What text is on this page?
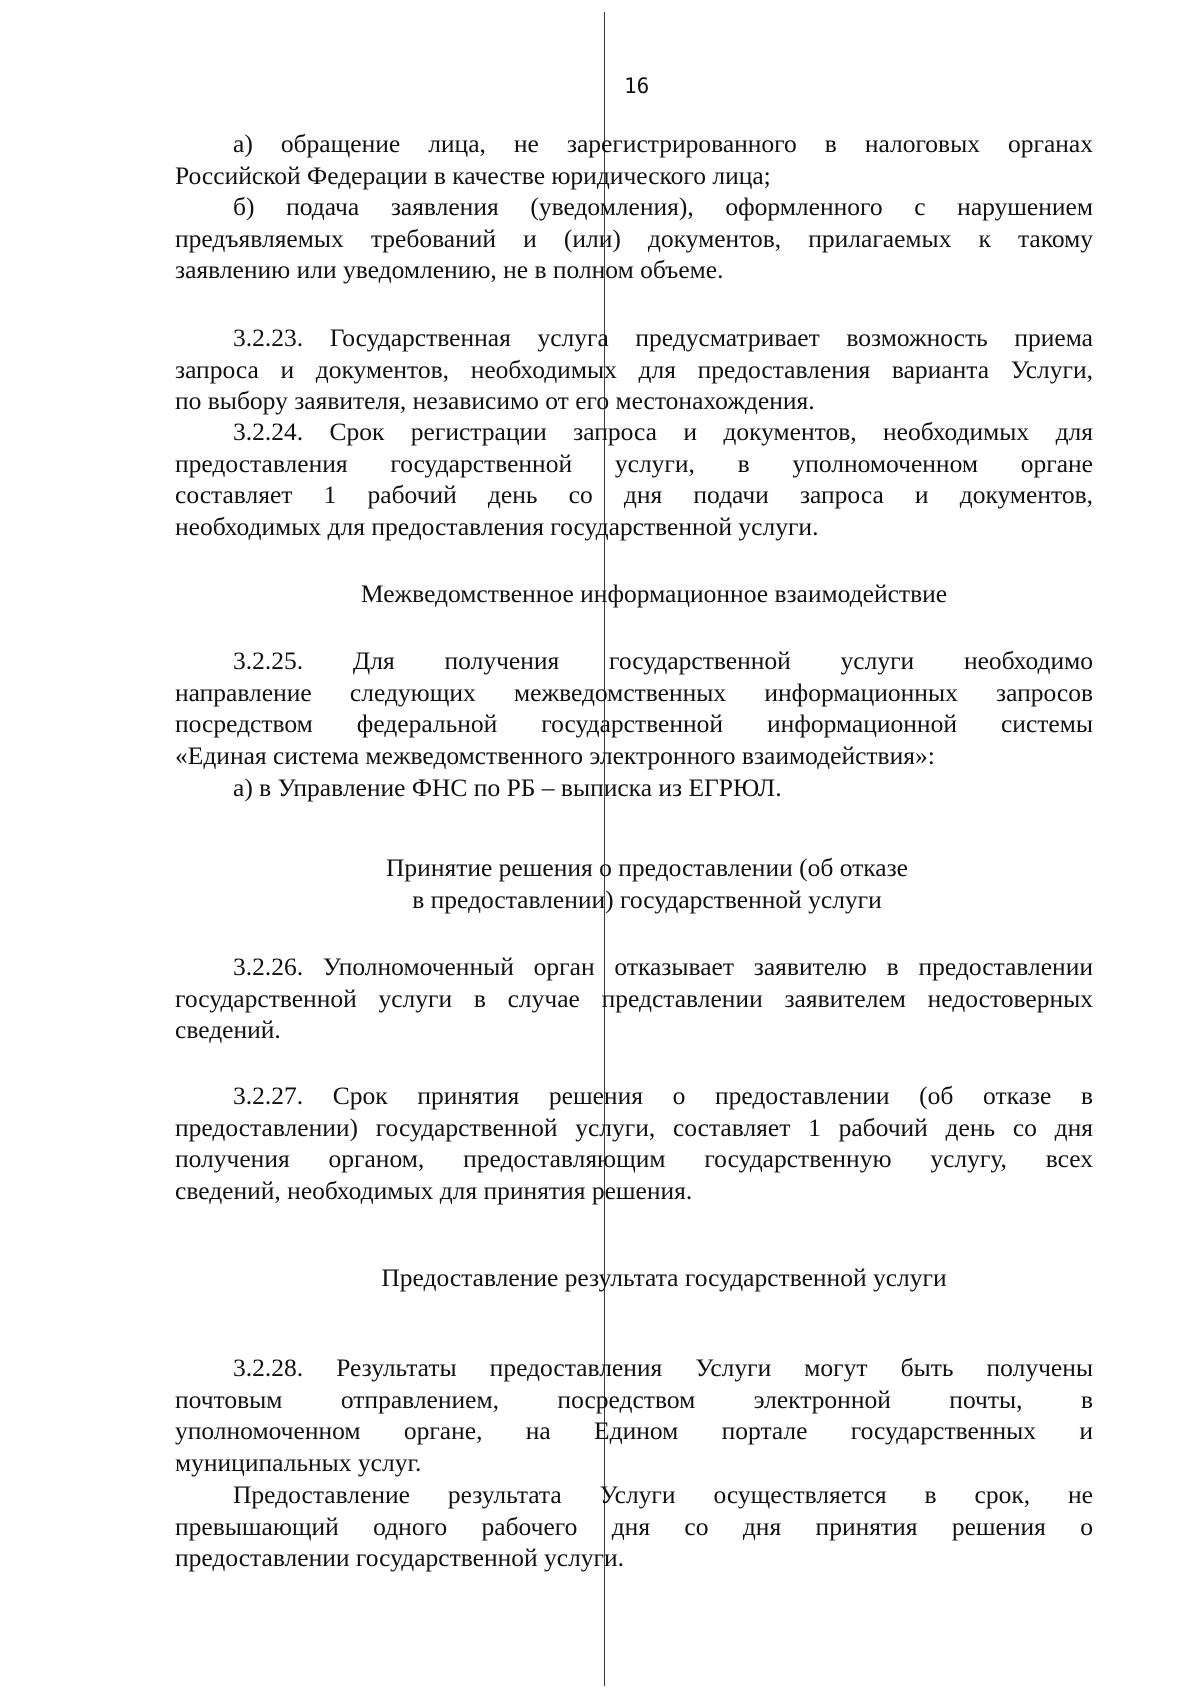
16
а) обращение лица, не зарегистрированного в налоговых органах
Российской Федерации в качестве юридического лица;
б) подача заявления (уведомления), оформленного с нарушением
предъявляемых требований и (или) документов, прилагаемых к такому
заявлению или уведомлению, не в полном объеме.
3.2.23. Государственная услуга предусматривает возможность приема
запроса и документов, необходимых для предоставления варианта Услуги,
по выбору заявителя, независимо от его местонахождения.
3.2.24. Срок регистрации запроса и документов, необходимых для
предоставления государственной услуги, в уполномоченном органе
составляет 1 рабочий день со дня подачи запроса и документов,
необходимых для предоставления государственной услуги.
Межведомственное информационное взаимодействие
3.2.25. Для получения государственной услуги необходимо
направление следующих межведомственных информационных запросов
посредством федеральной государственной информационной системы
«Единая система межведомственного электронного взаимодействия»:
а) в Управление ФНС по РБ – выписка из ЕГРЮЛ.
Принятие решения о предоставлении (об отказе
в предоставлении) государственной услуги
3.2.26. Уполномоченный орган отказывает заявителю в предоставлении
государственной услуги в случае представлении заявителем недостоверных
сведений.
3.2.27. Срок принятия решения о предоставлении (об отказе в
предоставлении) государственной услуги, составляет 1 рабочий день со дня
получения органом, предоставляющим государственную услугу, всех
сведений, необходимых для принятия решения.
Предоставление результата государственной услуги
3.2.28. Результаты предоставления Услуги могут быть получены
почтовым отправлением, посредством электронной почты, в
уполномоченном органе, на Едином портале государственных и
муниципальных услуг.
Предоставление результата Услуги осуществляется в срок, не
превышающий одного рабочего дня со дня принятия решения о
предоставлении государственной услуги.
